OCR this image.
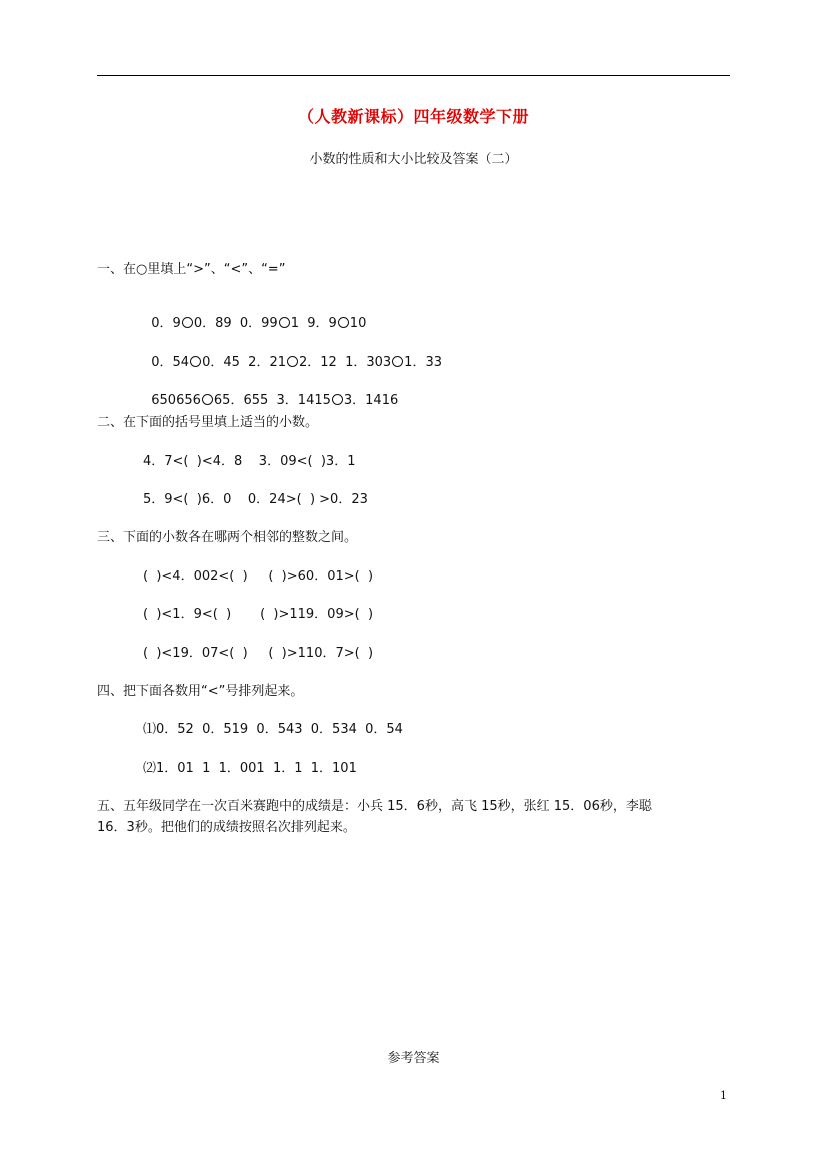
（人教新课标）四年级数学下册
小数的性质和大小比较及答案（二）
一、在○里填上“>”、“<”、“=”

0．9 0．89  0．99 1  9．9 10

0．54 0．45  2．21 2．12  1．303 1．33

650656 65．655  3．1415 3．1416

二、在下面的括号里填上适当的小数。
4．7<(  )<4．8    3．09<(  )3．1
5．9<(  )6．0    0．24>(  ) >0．23
三、下面的小数各在哪两个相邻的整数之间。
(  )<4．002<(  )     (  )>60．01>(  )
(  )<1．9<(  )       (  )>119．09>(  )
(  )<19．07<(  )     (  )>110．7>(  )
四、把下面各数用“<”号排列起来。
⑴0．52  0．519  0．543  0．534  0．54
⑵1．01  1  1．001  1．1  1．101
五、五年级同学在一次百米赛跑中的成绩是：小兵 15．6秒，高飞 15秒，张红 15．06秒，李聪
16．3秒。把他们的成绩按照名次排列起来。
参考答案
1
